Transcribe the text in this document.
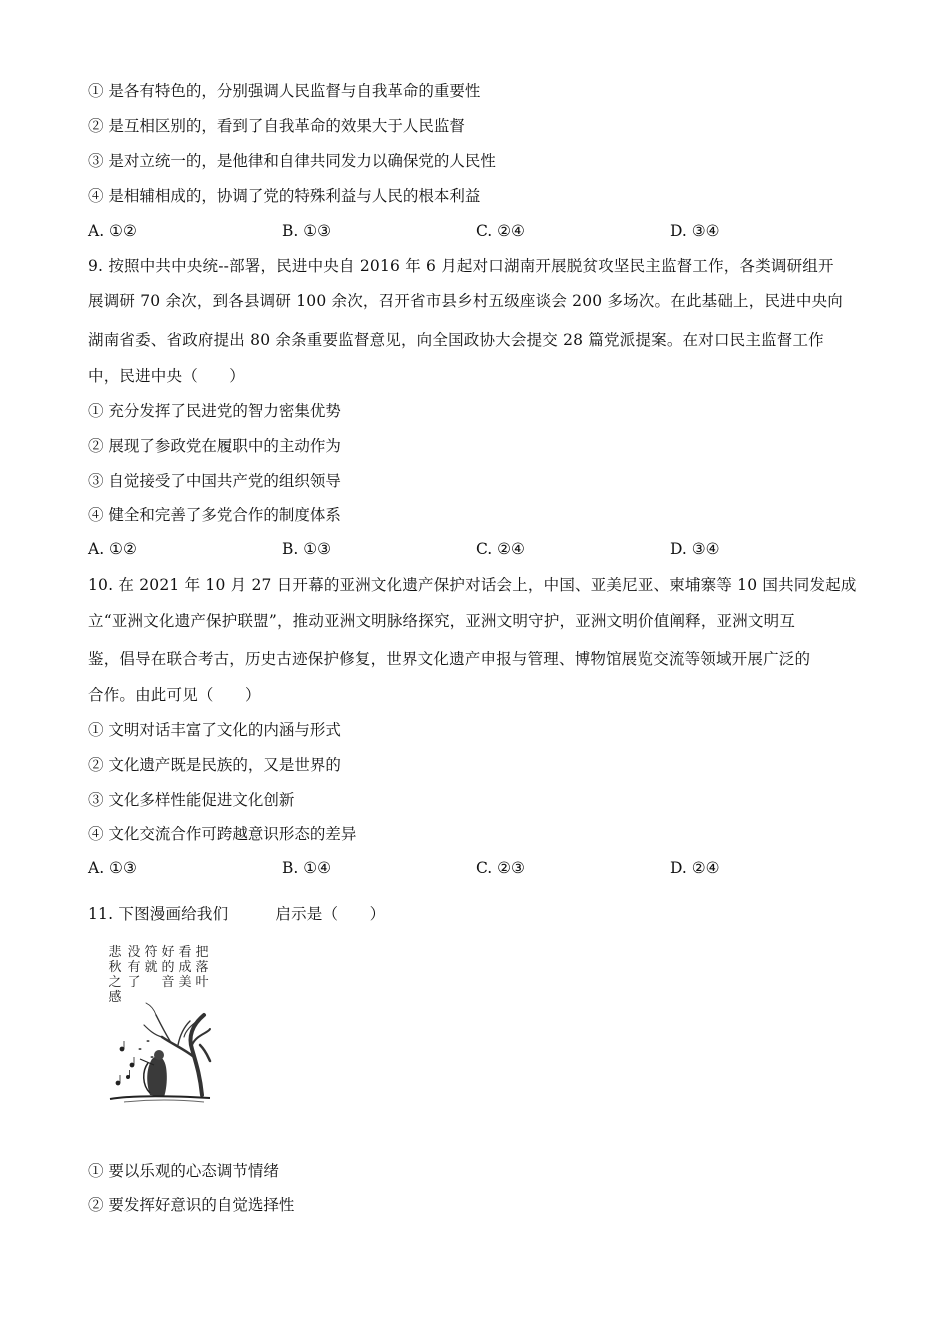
① 是各有特色的，分别强调人民监督与自我革命的重要性
② 是互相区别的，看到了自我革命的效果大于人民监督
③ 是对立统一的，是他律和自律共同发力以确保党的人民性
④ 是相辅相成的，协调了党的特殊利益与人民的根本利益
A. ①②	B. ①③	C. ②④	D. ③④
9. 按照中共中央统--部署，民进中央自 2016 年 6 月起对口湖南开展脱贫攻坚民主监督工作，各类调研组开
展调研 70 余次，到各县调研 100 余次，召开省市县乡村五级座谈会 200 多场次。在此基础上，民进中央向
湖南省委、省政府提出 80 余条重要监督意见，向全国政协大会提交 28 篇党派提案。在对口民主监督工作
中，民进中央（　　）
① 充分发挥了民进党的智力密集优势
② 展现了参政党在履职中的主动作为
③ 自觉接受了中国共产党的组织领导
④ 健全和完善了多党合作的制度体系
A. ①②	B. ①③	C. ②④	D. ③④
10. 在 2021 年 10 月 27 日开幕的亚洲文化遗产保护对话会上，中国、亚美尼亚、柬埔寨等 10 国共同发起成
立“亚洲文化遗产保护联盟”，推动亚洲文明脉络探究，亚洲文明守护，亚洲文明价值阐释，亚洲文明互
鉴，倡导在联合考古，历史古迹保护修复，世界文化遗产申报与管理、博物馆展览交流等领域开展广泛的
合作。由此可见（　　）
① 文明对话丰富了文化的内涵与形式
② 文化遗产既是民族的，又是世界的
③ 文化多样性能促进文化创新
④ 文化交流合作可跨越意识形态的差异
A. ①③	B. ①④	C. ②③	D. ②④
11. 下图漫画给我们　　　启示是（　　）
把落叶
看成美
好的音
符就
没有了
悲秋之感
① 要以乐观的心态调节情绪
② 要发挥好意识的自觉选择性
